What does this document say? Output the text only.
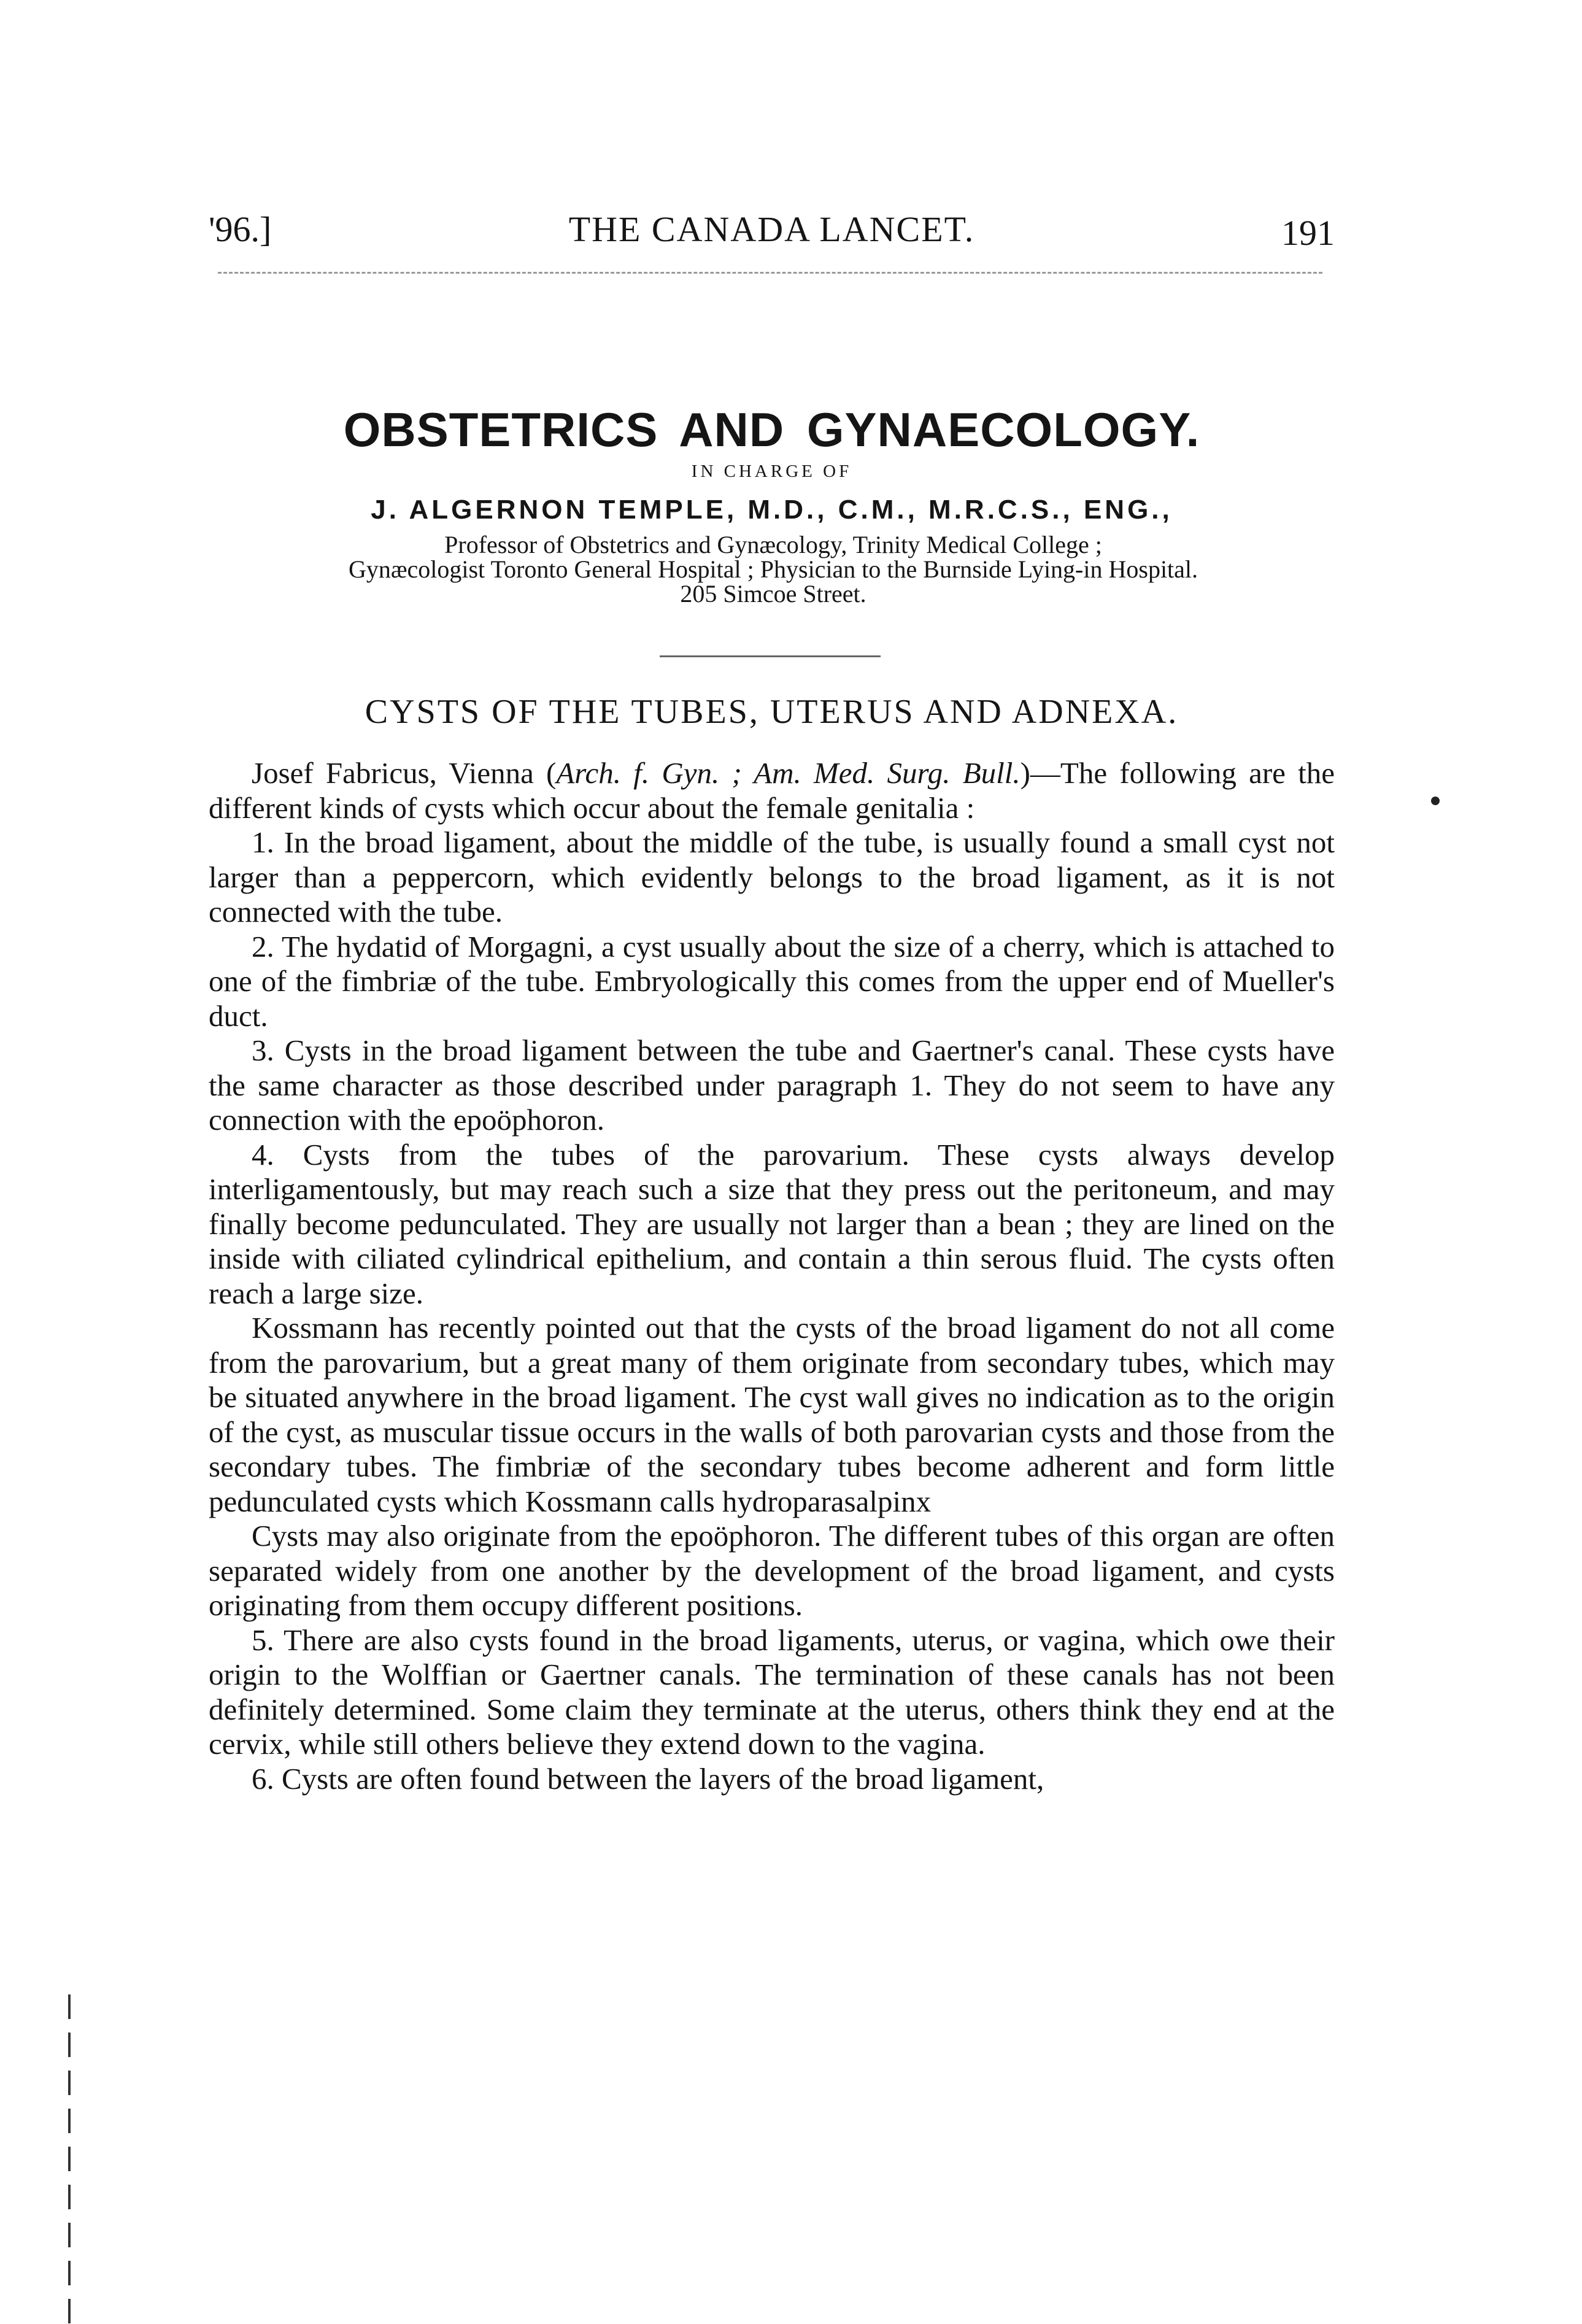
'96.]	THE CANADA LANCET.	191
OBSTETRICS AND GYNAECOLOGY.
IN CHARGE OF
J. ALGERNON TEMPLE, M.D., C.M., M.R.C.S., ENG.,
Professor of Obstetrics and Gynæcology, Trinity Medical College ;
Gynæcologist Toronto General Hospital ; Physician to the Burnside Lying-in Hospital.
205 Simcoe Street.
CYSTS OF THE TUBES, UTERUS AND ADNEXA.

Josef Fabricus, Vienna (Arch. f. Gyn. ; Am. Med. Surg. Bull.)—The following are the different kinds of cysts which occur about the female genitalia :

1. In the broad ligament, about the middle of the tube, is usually found a small cyst not larger than a peppercorn, which evidently belongs to the broad ligament, as it is not connected with the tube.

2. The hydatid of Morgagni, a cyst usually about the size of a cherry, which is attached to one of the fimbriæ of the tube. Embryologically this comes from the upper end of Mueller's duct.

3. Cysts in the broad ligament between the tube and Gaertner's canal. These cysts have the same character as those described under paragraph 1. They do not seem to have any connection with the epoöphoron.

4. Cysts from the tubes of the parovarium. These cysts always develop interligamentously, but may reach such a size that they press out the peritoneum, and may finally become pedunculated. They are usually not larger than a bean ; they are lined on the inside with ciliated cylindrical epithelium, and contain a thin serous fluid. The cysts often reach a large size.

Kossmann has recently pointed out that the cysts of the broad ligament do not all come from the parovarium, but a great many of them originate from secondary tubes, which may be situated anywhere in the broad ligament. The cyst wall gives no indication as to the origin of the cyst, as muscular tissue occurs in the walls of both parovarian cysts and those from the secondary tubes. The fimbriæ of the secondary tubes become adherent and form little pedunculated cysts which Kossmann calls hydroparasalpinx

Cysts may also originate from the epoöphoron. The different tubes of this organ are often separated widely from one another by the development of the broad ligament, and cysts originating from them occupy different positions.

5. There are also cysts found in the broad ligaments, uterus, or vagina, which owe their origin to the Wolffian or Gaertner canals. The termination of these canals has not been definitely determined. Some claim they terminate at the uterus, others think they end at the cervix, while still others believe they extend down to the vagina.

6. Cysts are often found between the layers of the broad ligament,
